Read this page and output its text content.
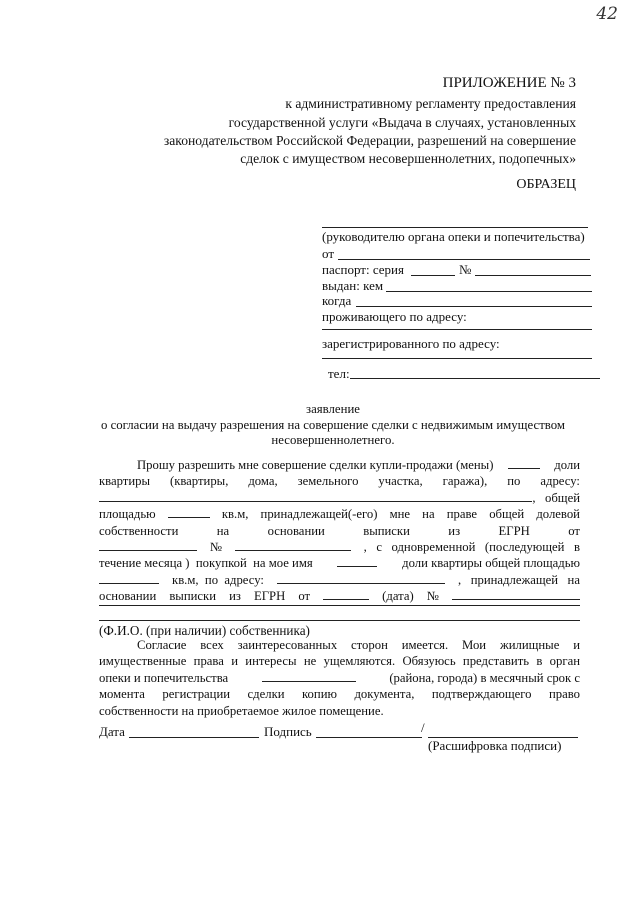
42
ПРИЛОЖЕНИЕ № 3
к административному регламенту предоставления
государственной услуги «Выдача в случаях, установленных
законодательством Российской Федерации, разрешений на совершение
сделок с имуществом несовершеннолетних, подопечных»
ОБРАЗЕЦ
(руководителю органа опеки и попечительства)
от
паспорт: серия	№
выдан: кем
когда
проживающего по адресу:
зарегистрированного по адресу:
тел:
заявление
о согласии на выдачу разрешения на совершение сделки с недвижимым имуществом
несовершеннолетнего.
Прошу разрешить мне совершение сделки купли-продажи (мены)	доли
квартиры (квартиры, дома, земельного участка, гаража), по адресу:
,   общей
площадью	кв.м, принадлежащей(-его) мне на праве общей долевой
собственности	на	основании	выписки	из	ЕГРН	от
№	,   с   одновременной   (последующей   в
течение месяца )  покупкой  на мое имя	доли квартиры общей площадью
кв.м,  по  адресу:	,   принадлежащей   на
основании выписки из ЕГРН от	(дата) №
(Ф.И.О. (при наличии) собственника)
Согласие всех заинтересованных сторон имеется. Мои жилищные и
имущественные права и интересы не ущемляются. Обязуюсь представить в орган
опеки и попечительства	(района, города) в месячный срок с
момента регистрации сделки копию документа, подтверждающего право
собственности на приобретаемое жилое помещение.
Дата	Подпись	/
(Расшифровка подписи)
